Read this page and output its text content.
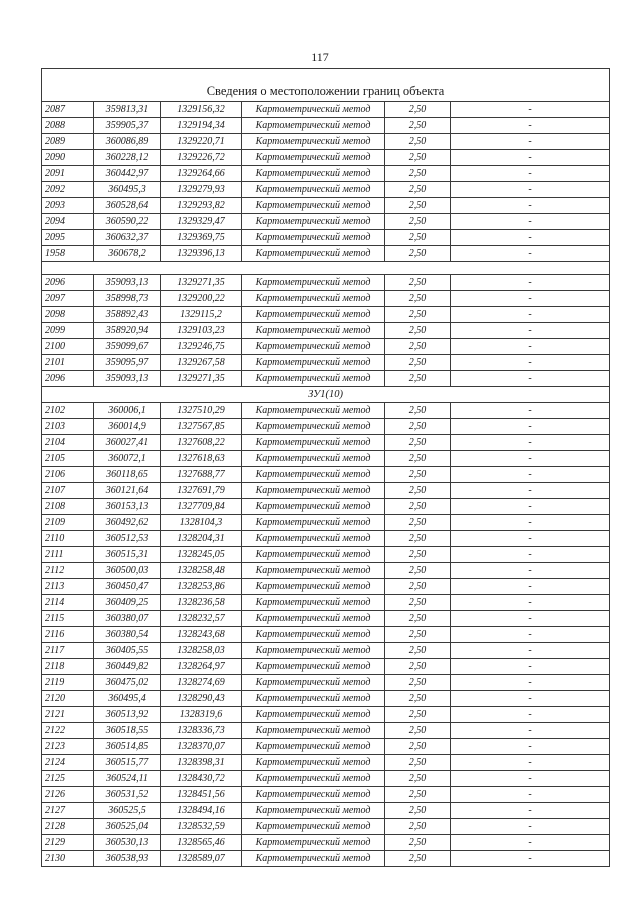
117
Сведения о местоположении границ объекта					
2087	359813,31	1329156,32	Картометрический метод	2,50	-
2088	359905,37	1329194,34	Картометрический метод	2,50	-
2089	360086,89	1329220,71	Картометрический метод	2,50	-
2090	360228,12	1329226,72	Картометрический метод	2,50	-
2091	360442,97	1329264,66	Картометрический метод	2,50	-
2092	360495,3	1329279,93	Картометрический метод	2,50	-
2093	360528,64	1329293,82	Картометрический метод	2,50	-
2094	360590,22	1329329,47	Картометрический метод	2,50	-
2095	360632,37	1329369,75	Картометрический метод	2,50	-
1958	360678,2	1329396,13	Картометрический метод	2,50	-

2096	359093,13	1329271,35	Картометрический метод	2,50	-
2097	358998,73	1329200,22	Картометрический метод	2,50	-
2098	358892,43	1329115,2	Картометрический метод	2,50	-
2099	358920,94	1329103,23	Картометрический метод	2,50	-
2100	359099,67	1329246,75	Картометрический метод	2,50	-
2101	359095,97	1329267,58	Картометрический метод	2,50	-
2096	359093,13	1329271,35	Картометрический метод	2,50	-
ЗУ1(10)					
2102	360006,1	1327510,29	Картометрический метод	2,50	-
2103	360014,9	1327567,85	Картометрический метод	2,50	-
2104	360027,41	1327608,22	Картометрический метод	2,50	-
2105	360072,1	1327618,63	Картометрический метод	2,50	-
2106	360118,65	1327688,77	Картометрический метод	2,50	-
2107	360121,64	1327691,79	Картометрический метод	2,50	-
2108	360153,13	1327709,84	Картометрический метод	2,50	-
2109	360492,62	1328104,3	Картометрический метод	2,50	-
2110	360512,53	1328204,31	Картометрический метод	2,50	-
2111	360515,31	1328245,05	Картометрический метод	2,50	-
2112	360500,03	1328258,48	Картометрический метод	2,50	-
2113	360450,47	1328253,86	Картометрический метод	2,50	-
2114	360409,25	1328236,58	Картометрический метод	2,50	-
2115	360380,07	1328232,57	Картометрический метод	2,50	-
2116	360380,54	1328243,68	Картометрический метод	2,50	-
2117	360405,55	1328258,03	Картометрический метод	2,50	-
2118	360449,82	1328264,97	Картометрический метод	2,50	-
2119	360475,02	1328274,69	Картометрический метод	2,50	-
2120	360495,4	1328290,43	Картометрический метод	2,50	-
2121	360513,92	1328319,6	Картометрический метод	2,50	-
2122	360518,55	1328336,73	Картометрический метод	2,50	-
2123	360514,85	1328370,07	Картометрический метод	2,50	-
2124	360515,77	1328398,31	Картометрический метод	2,50	-
2125	360524,11	1328430,72	Картометрический метод	2,50	-
2126	360531,52	1328451,56	Картометрический метод	2,50	-
2127	360525,5	1328494,16	Картометрический метод	2,50	-
2128	360525,04	1328532,59	Картометрический метод	2,50	-
2129	360530,13	1328565,46	Картометрический метод	2,50	-
2130	360538,93	1328589,07	Картометрический метод	2,50	-
